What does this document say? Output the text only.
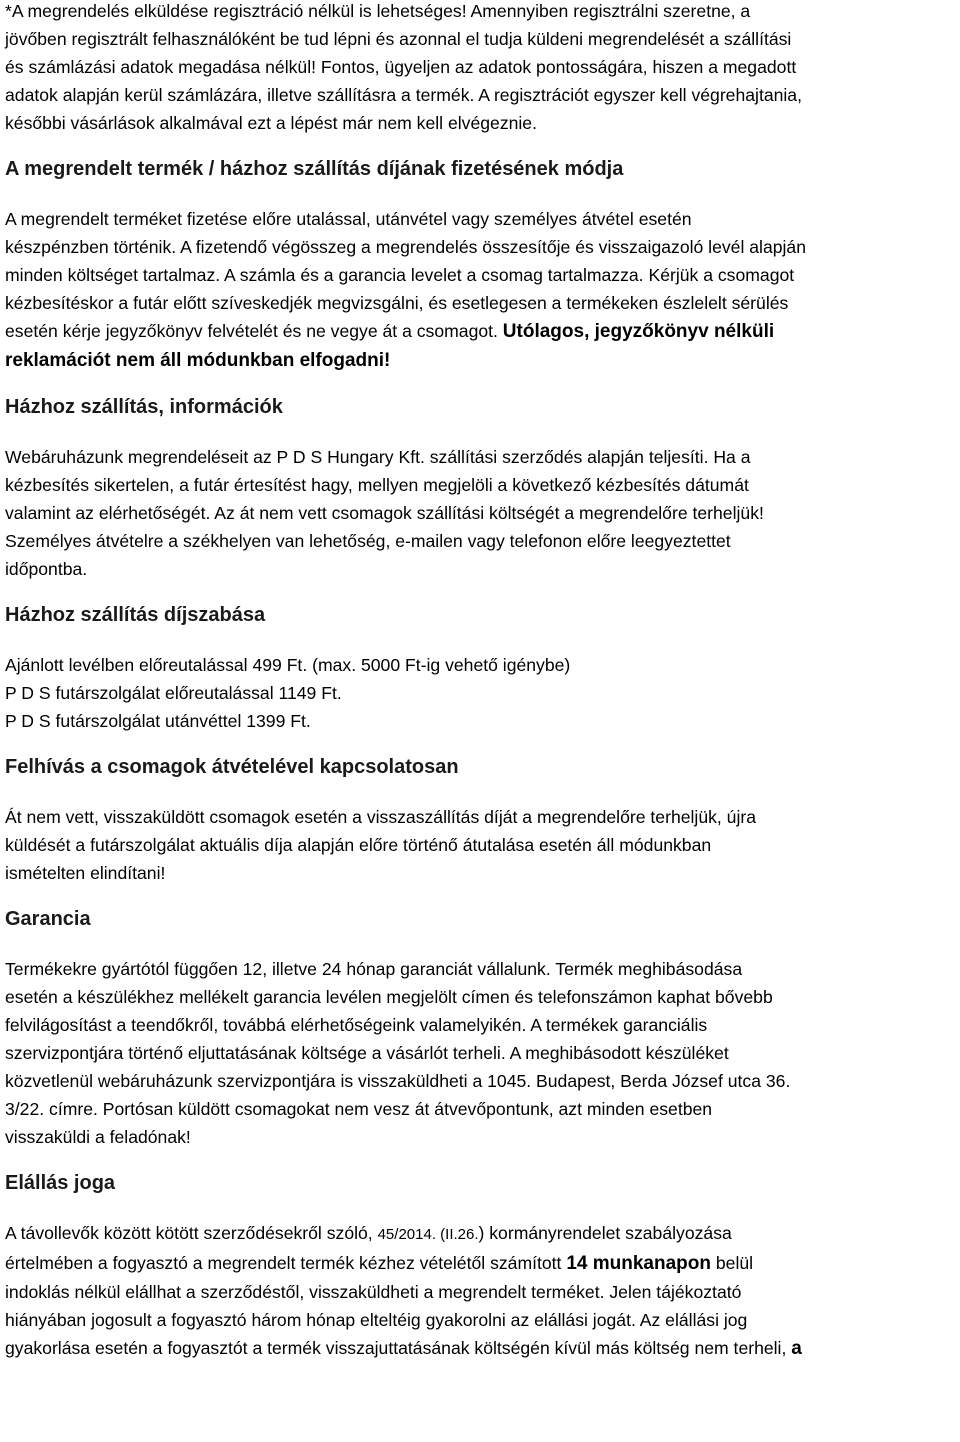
*A megrendelés elküldése regisztráció nélkül is lehetséges! Amennyiben regisztrálni szeretne, a
jövőben regisztrált felhasználóként be tud lépni és azonnal el tudja küldeni megrendelését a szállítási
és számlázási adatok megadása nélkül! Fontos, ügyeljen az adatok pontosságára, hiszen a megadott
adatok alapján kerül számlázára, illetve szállításra a termék. A regisztrációt egyszer kell végrehajtania,
későbbi vásárlások alkalmával ezt a lépést már nem kell elvégeznie.
A megrendelt termék / házhoz szállítás díjának fizetésének módja
A megrendelt terméket fizetése előre utalással, utánvétel vagy személyes átvétel esetén
készpénzben történik. A fizetendő végösszeg a megrendelés összesítője és visszaigazoló levél alapján
minden költséget tartalmaz. A számla és a garancia levelet a csomag tartalmazza. Kérjük a csomagot
kézbesítéskor a futár előtt szíveskedjék megvizsgálni, és esetlegesen a termékeken észlelelt sérülés
esetén kérje jegyzőkönyv felvételét és ne vegye át a csomagot. Utólagos, jegyzőkönyv nélküli
reklamációt nem áll módunkban elfogadni!
Házhoz szállítás, információk
Webáruházunk megrendeléseit az P D S Hungary Kft. szállítási szerződés alapján teljesíti. Ha a
kézbesítés sikertelen, a futár értesítést hagy, mellyen megjelöli a következő kézbesítés dátumát
valamint az elérhetőségét. Az át nem vett csomagok szállítási költségét a megrendelőre terheljük!
Személyes átvételre a székhelyen van lehetőség, e-mailen vagy telefonon előre leegyeztettet
időpontba.
Házhoz szállítás díjszabása
Ajánlott levélben előreutalással 499 Ft. (max. 5000 Ft-ig vehető igénybe)
P D S futárszolgálat előreutalással 1149 Ft.
P D S futárszolgálat utánvéttel 1399 Ft.
Felhívás a csomagok átvételével kapcsolatosan
Át nem vett, visszaküldött csomagok esetén a visszaszállítás díját a megrendelőre terheljük, újra
küldését a futárszolgálat aktuális díja alapján előre történő átutalása esetén áll módunkban
ismételten elindítani!
Garancia
Termékekre gyártótól függően 12, illetve 24 hónap garanciát vállalunk. Termék meghibásodása
esetén a készülékhez mellékelt garancia levélen megjelölt címen és telefonszámon kaphat bővebb
felvilágosítást a teendőkről, továbbá elérhetőségeink valamelyikén. A termékek garanciális
szervizpontjára történő eljuttatásának költsége a vásárlót terheli. A meghibásodott készüléket
közvetlenül webáruházunk szervizpontjára is visszaküldheti a 1045. Budapest, Berda József utca 36.
3/22. címre. Portósan küldött csomagokat nem vesz át átvevőpontunk, azt minden esetben
visszaküldi a feladónak!
Elállás joga
A távollevők között kötött szerződésekről szóló, 45/2014. (II.26.) kormányrendelet szabályozása
értelmében a fogyasztó a megrendelt termék kézhez vételétől számított 14 munkanapon belül
indoklás nélkül elállhat a szerződéstől, visszaküldheti a megrendelt terméket. Jelen tájékoztató
hiányában jogosult a fogyasztó három hónap elteltéig gyakorolni az elállási jogát. Az elállási jog
gyakorlása esetén a fogyasztót a termék visszajuttatásának költségén kívül más költség nem terheli, a
